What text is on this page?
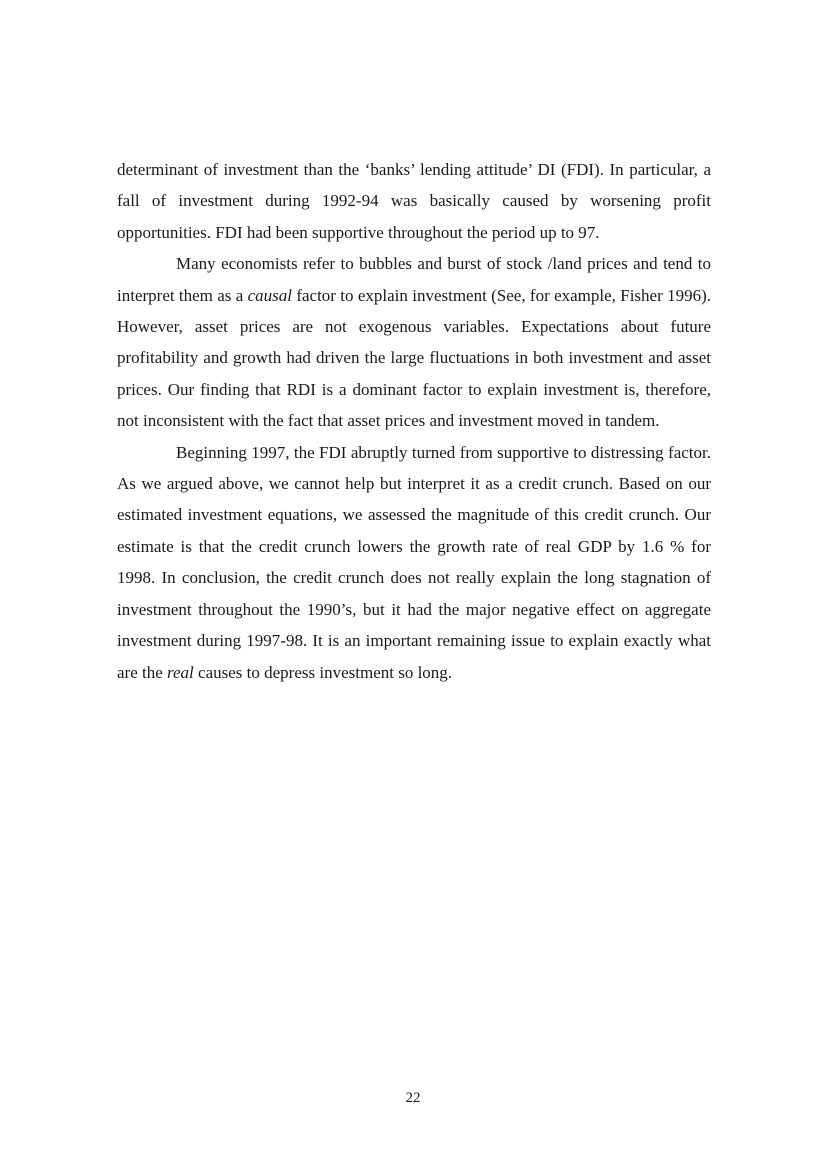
determinant of investment than the ‘banks’ lending attitude’ DI (FDI). In particular, a fall of investment during 1992-94 was basically caused by worsening profit opportunities. FDI had been supportive throughout the period up to 97.

Many economists refer to bubbles and burst of stock /land prices and tend to interpret them as a causal factor to explain investment (See, for example, Fisher 1996). However, asset prices are not exogenous variables. Expectations about future profitability and growth had driven the large fluctuations in both investment and asset prices. Our finding that RDI is a dominant factor to explain investment is, therefore, not inconsistent with the fact that asset prices and investment moved in tandem.

Beginning 1997, the FDI abruptly turned from supportive to distressing factor. As we argued above, we cannot help but interpret it as a credit crunch. Based on our estimated investment equations, we assessed the magnitude of this credit crunch. Our estimate is that the credit crunch lowers the growth rate of real GDP by 1.6 % for 1998. In conclusion, the credit crunch does not really explain the long stagnation of investment throughout the 1990’s, but it had the major negative effect on aggregate investment during 1997-98. It is an important remaining issue to explain exactly what are the real causes to depress investment so long.

22
